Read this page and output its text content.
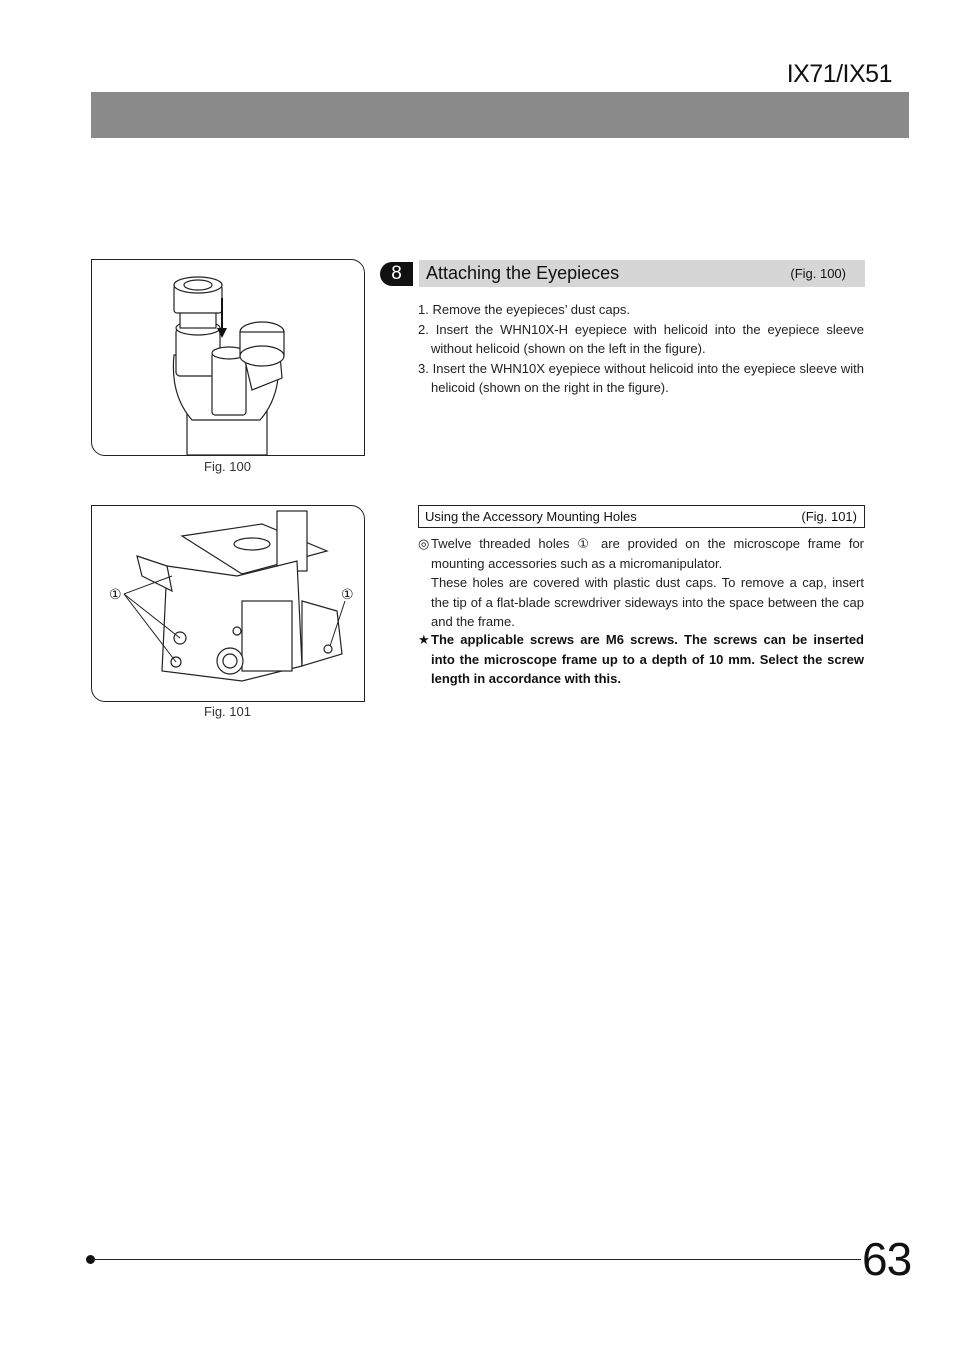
IX71/IX51
Fig. 100
8	Attaching the Eyepieces	(Fig. 100)
1. Remove the eyepieces’ dust caps.
2. Insert the WHN10X-H eyepiece with helicoid into the eyepiece sleeve without helicoid (shown on the left in the figure).
3. Insert the WHN10X eyepiece without helicoid into the eyepiece sleeve with helicoid (shown on the right in the figure).
①	①
Fig. 101
Using the Accessory Mounting Holes	(Fig. 101)
◎ Twelve threaded holes ① are provided on the microscope frame for mounting accessories such as a micromanipulator.
These holes are covered with plastic dust caps. To remove a cap, insert the tip of a flat-blade screwdriver sideways into the space between the cap and the frame.
★ The applicable screws are M6 screws. The screws can be inserted into the microscope frame up to a depth of 10 mm. Select the screw length in accordance with this.
63
